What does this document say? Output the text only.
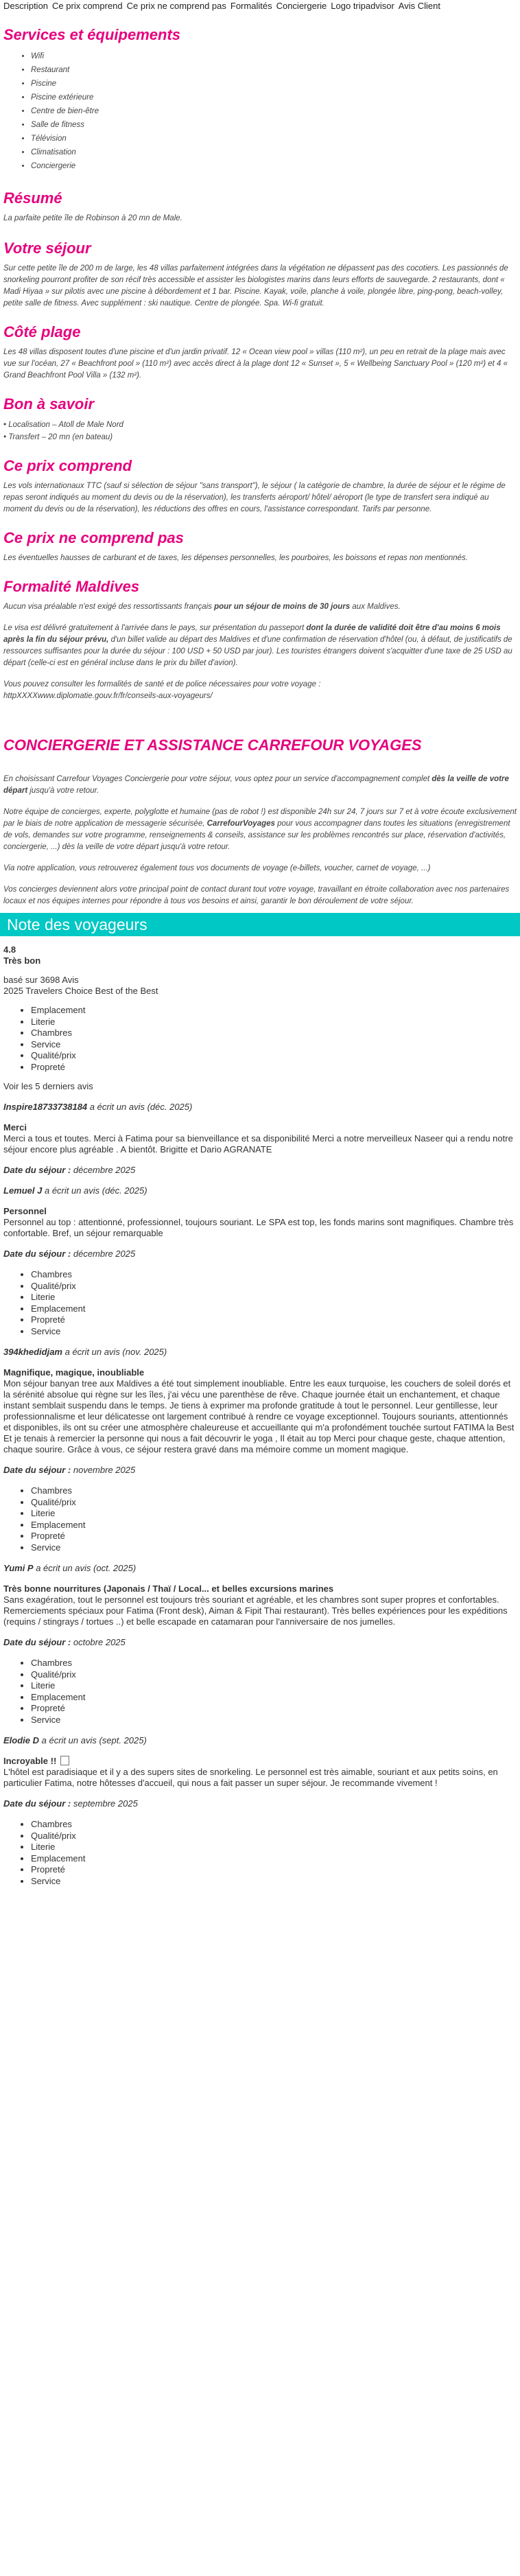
Description Ce prix comprend Ce prix ne comprend pas Formalités Conciergerie Logo tripadvisor Avis Client
Services et équipements
• Wifi
• Restaurant
• Piscine
• Piscine extérieure
• Centre de bien-être
• Salle de fitness
• Télévision
• Climatisation
• Conciergerie
Résumé

La parfaite petite île de Robinson à 20 mn de Male.

Votre séjour

Sur cette petite île de 200 m de large, les 48 villas parfaitement intégrées dans la végétation ne dépassent pas des cocotiers. Les passionnés de snorkeling pourront profiter de son récif très accessible et assister les biologistes marins dans leurs efforts de sauvegarde. 2 restaurants, dont « Madi Hiyaa » sur pilotis avec une piscine à débordement et 1 bar. Piscine. Kayak, voile, planche à voile, plongée libre, ping-pong, beach-volley, petite salle de fitness. Avec supplément : ski nautique. Centre de plongée. Spa. Wi-fi gratuit.

Côté plage

Les 48 villas disposent toutes d'une piscine et d'un jardin privatif. 12 « Ocean view pool » villas (110 m²), un peu en retrait de la plage mais avec vue sur l'océan, 27 « Beachfront pool » (110 m²) avec accès direct à la plage dont 12 « Sunset », 5 « Wellbeing Sanctuary Pool » (120 m²) et 4 « Grand Beachfront Pool Villa » (132 m²).

Bon à savoir
• Localisation – Atoll de Male Nord
• Transfert – 20 mn (en bateau)
Ce prix comprend

Les vols internationaux TTC (sauf si sélection de séjour "sans transport"), le séjour ( la catégorie de chambre, la durée de séjour et le régime de repas seront indiqués au moment du devis ou de la réservation), les transferts aéroport/ hôtel/ aéroport (le type de transfert sera indiqué au moment du devis ou de la réservation), les réductions des offres en cours, l'assistance correspondant. Tarifs par personne.

Ce prix ne comprend pas

Les éventuelles hausses de carburant et de taxes, les dépenses personnelles, les pourboires, les boissons et repas non mentionnés.

Formalité Maldives

Aucun visa préalable n'est exigé des ressortissants français pour un séjour de moins de 30 jours aux Maldives.

Le visa est délivré gratuitement à l'arrivée dans le pays, sur présentation du passeport dont la durée de validité doit être d'au moins 6 mois après la fin du séjour prévu, d'un billet valide au départ des Maldives et d'une confirmation de réservation d'hôtel (ou, à défaut, de justificatifs de ressources suffisantes pour la durée du séjour : 100 USD + 50 USD par jour). Les touristes étrangers doivent s'acquitter d'une taxe de 25 USD au départ (celle-ci est en général incluse dans le prix du billet d'avion).

Vous pouvez consulter les formalités de santé et de police nécessaires pour votre voyage :

httpXXXXwww.diplomatie.gouv.fr/fr/conseils-aux-voyageurs/

CONCIERGERIE ET ASSISTANCE CARREFOUR VOYAGES

En choisissant Carrefour Voyages Conciergerie pour votre séjour, vous optez pour un service d'accompagnement complet dès la veille de votre départ jusqu'à votre retour.

Notre équipe de concierges, experte, polyglotte et humaine (pas de robot !) est disponible 24h sur 24, 7 jours sur 7 et à votre écoute exclusivement par le biais de notre application de messagerie sécurisée, CarrefourVoyages pour vous accompagner dans toutes les situations (enregistrement de vols, demandes sur votre programme, renseignements & conseils, assistance sur les problèmes rencontrés sur place, réservation d'activités, conciergerie, ...) dès la veille de votre départ jusqu'à votre retour.

Via notre application, vous retrouverez également tous vos documents de voyage (e-billets, voucher, carnet de voyage, ...)

Vos concierges deviennent alors votre principal point de contact durant tout votre voyage, travaillant en étroite collaboration avec nos partenaires locaux et nos équipes internes pour répondre à tous vos besoins et ainsi, garantir le bon déroulement de votre séjour.

Note des voyageurs
4.8
Très bon

basé sur 3698 Avis

2025 Travelers Choice Best of the Best

• Emplacement
• Literie
• Chambres
• Service
• Qualité/prix
• Propreté

Voir les 5 derniers avis

Inspire18733738184 a écrit un avis (déc. 2025)

Merci

Merci a tous et toutes. Merci à Fatima pour sa bienveillance et sa disponibilité Merci a notre merveilleux Naseer qui a rendu notre séjour encore plus agréable . A bientôt. Brigitte et Dario AGRANATE

Date du séjour : décembre 2025

Lemuel J a écrit un avis (déc. 2025)

Personnel

Personnel au top : attentionné, professionnel, toujours souriant. Le SPA est top, les fonds marins sont magnifiques. Chambre très confortable. Bref, un séjour remarquable

Date du séjour : décembre 2025

• Chambres
• Qualité/prix
• Literie
• Emplacement
• Propreté
• Service

394khedidjam a écrit un avis (nov. 2025)

Magnifique, magique, inoubliable

Mon séjour banyan tree aux Maldives a été tout simplement inoubliable. Entre les eaux turquoise, les couchers de soleil dorés et la sérénité absolue qui règne sur les îles, j'ai vécu une parenthèse de rêve. Chaque journée était un enchantement, et chaque instant semblait suspendu dans le temps. Je tiens à exprimer ma profonde gratitude à tout le personnel. Leur gentillesse, leur professionnalisme et leur délicatesse ont largement contribué à rendre ce voyage exceptionnel. Toujours souriants, attentionnés et disponibles, ils ont su créer une atmosphère chaleureuse et accueillante qui m'a profondément touchée surtout FATIMA la Best Et je tenais à remercier la personne qui nous a fait découvrir le yoga , Il était au top Merci pour chaque geste, chaque attention, chaque sourire. Grâce à vous, ce séjour restera gravé dans ma mémoire comme un moment magique.

Date du séjour : novembre 2025

• Chambres
• Qualité/prix
• Literie
• Emplacement
• Propreté
• Service

Yumi P a écrit un avis (oct. 2025)

Très bonne nourritures (Japonais / Thaï / Local... et belles excursions marines

Sans exagération, tout le personnel est toujours très souriant et agréable, et les chambres sont super propres et confortables. Remerciements spéciaux pour Fatima (Front desk), Aiman & Fipit Thai restaurant). Très belles expériences pour les expéditions (requins / stingrays / tortues ..) et belle escapade en catamaran pour l'anniversaire de nos jumelles.

Date du séjour : octobre 2025

• Chambres
• Qualité/prix
• Literie
• Emplacement
• Propreté
• Service

Elodie D a écrit un avis (sept. 2025)

Incroyable !!

L'hôtel est paradisiaque et il y a des supers sites de snorkeling. Le personnel est très aimable, souriant et aux petits soins, en particulier Fatima, notre hôtesses d'accueil, qui nous a fait passer un super séjour. Je recommande vivement !

Date du séjour : septembre 2025

• Chambres
• Qualité/prix
• Literie
• Emplacement
• Propreté
• Service
